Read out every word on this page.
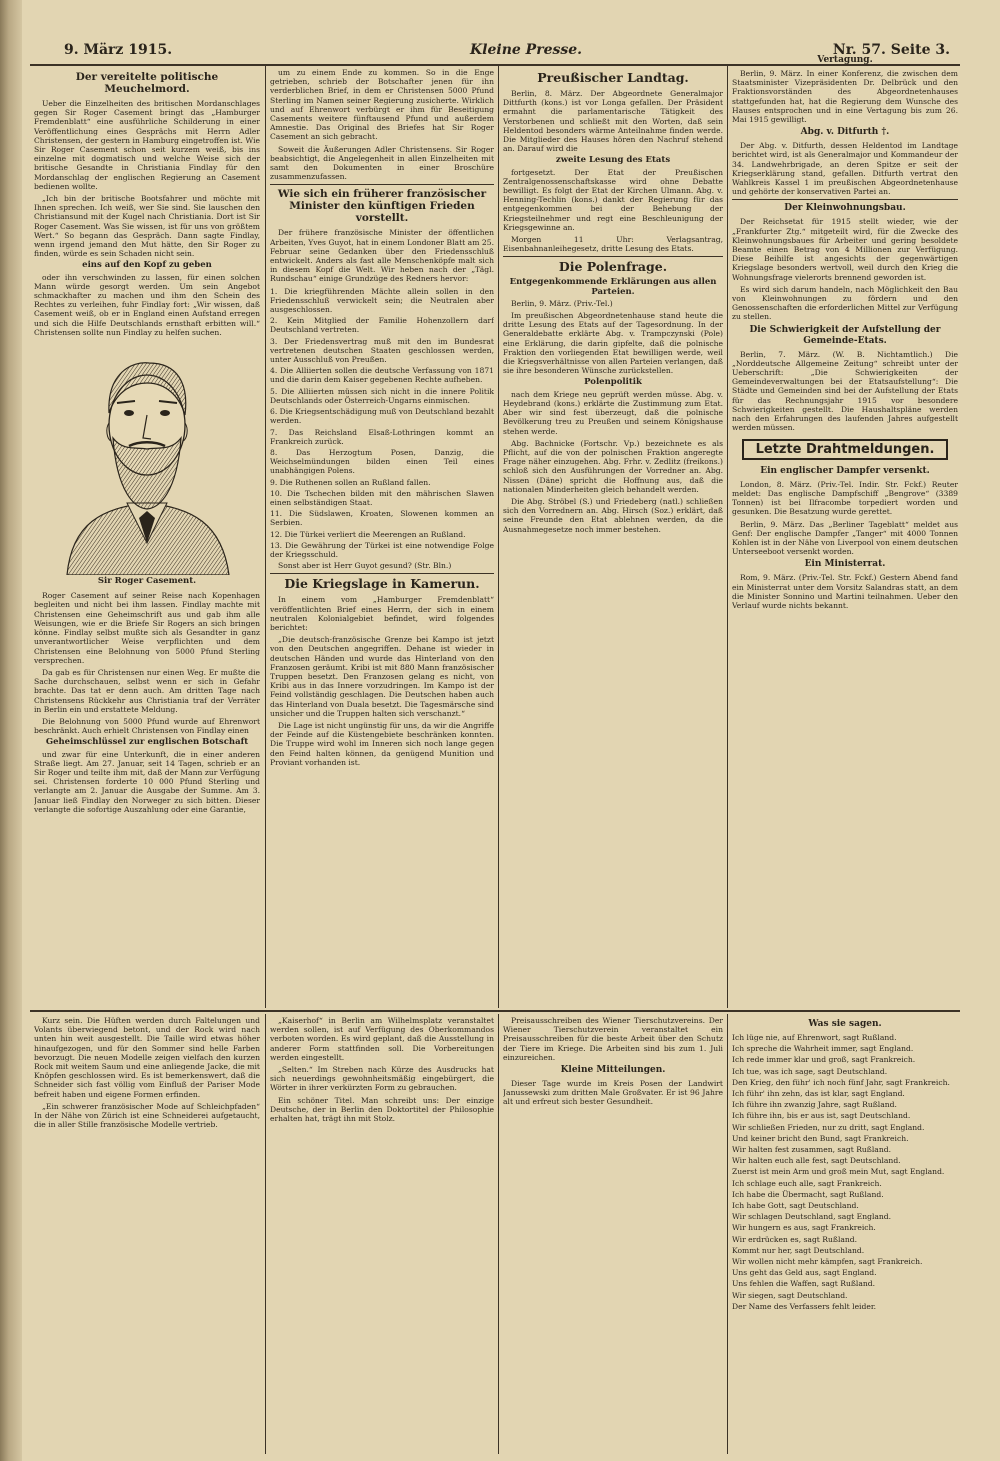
9. März 1915.	Kleine Presse.	Nr. 57. Seite 3.
Der vereitelte politische Meuchelmord.

Ueber die Einzelheiten des britischen Mordanschlages gegen Sir Roger Casement bringt das „Hamburger Fremdenblatt“ eine ausführliche Schilderung in einer Veröffentlichung eines Gesprächs mit Herrn Adler Christensen, der gestern in Hamburg eingetroffen ist. Wie Sir Roger Casement schon seit kurzem weiß, bis ins einzelne mit dogmatisch und welche Weise sich der britische Gesandte in Christiania Findlay für den Mordanschlag der englischen Regierung an Casement bedienen wollte.

„Ich bin der britische Bootsfahrer und möchte mit Ihnen sprechen. Ich weiß, wer Sie sind. Sie lauschen den Christiansund mit der Kugel nach Christiania. Dort ist Sir Roger Casement. Was Sie wissen, ist für uns von größtem Wert.“ So begann das Gespräch. Dann sagte Findlay, wenn irgend jemand den Mut hätte, den Sir Roger zu finden, würde es sein Schaden nicht sein.

eins auf den Kopf zu geben

oder ihn verschwinden zu lassen, für einen solchen Mann würde gesorgt werden. Um sein Angebot schmackhafter zu machen und ihm den Schein des Rechtes zu verleihen, fuhr Findlay fort: „Wir wissen, daß Casement weiß, ob er in England einen Aufstand erregen und sich die Hilfe Deutschlands ernsthaft erbitten will.“ Christensen sollte nun Findlay zu helfen suchen.

Sir Roger Casement.

Roger Casement auf seiner Reise nach Kopenhagen begleiten und nicht bei ihm lassen. Findlay machte mit Christensen eine Geheimschrift aus und gab ihm alle Weisungen, wie er die Briefe Sir Rogers an sich bringen könne. Findlay selbst mußte sich als Gesandter in ganz unverantwortlicher Weise verpflichten und dem Christensen eine Belohnung von 5000 Pfund Sterling versprechen.

Da gab es für Christensen nur einen Weg. Er mußte die Sache durchschauen, selbst wenn er sich in Gefahr brachte. Das tat er denn auch. Am dritten Tage nach Christensens Rückkehr aus Christiania traf der Verräter in Berlin ein und erstattete Meldung.

Die Belohnung von 5000 Pfund wurde auf Ehrenwort beschränkt. Auch erhielt Christensen von Findlay einen

Geheimschlüssel zur englischen Botschaft

und zwar für eine Unterkunft, die in einer anderen Straße liegt. Am 27. Januar, seit 14 Tagen, schrieb er an Sir Roger und teilte ihm mit, daß der Mann zur Verfügung sei. Christensen forderte 10 000 Pfund Sterling und verlangte am 2. Januar die Ausgabe der Summe. Am 3. Januar ließ Findlay den Norweger zu sich bitten. Dieser verlangte die sofortige Auszahlung oder eine Garantie,

um zu einem Ende zu kommen. So in die Enge getrieben, schrieb der Botschafter jenen für ihn verderblichen Brief, in dem er Christensen 5000 Pfund Sterling im Namen seiner Regierung zusicherte. Wirklich und auf Ehrenwort verbürgt er ihm für Beseitigung Casements weitere fünftausend Pfund und außerdem Amnestie. Das Original des Briefes hat Sir Roger Casement an sich gebracht.

Soweit die Äußerungen Adler Christensens. Sir Roger beabsichtigt, die Angelegenheit in allen Einzelheiten mit samt den Dokumenten in einer Broschüre zusammenzufassen.

Wie sich ein früherer französischer Minister den künftigen Frieden vorstellt.

Der frühere französische Minister der öffentlichen Arbeiten, Yves Guyot, hat in einem Londoner Blatt am 25. Februar seine Gedanken über den Friedensschluß entwickelt. Anders als fast alle Menschenköpfe malt sich in diesem Kopf die Welt. Wir heben nach der „Tägl. Rundschau“ einige Grundzüge des Redners hervor:

1. Die kriegführenden Mächte allein sollen in den Friedensschluß verwickelt sein; die Neutralen aber ausgeschlossen.

2. Kein Mitglied der Familie Hohenzollern darf Deutschland vertreten.

3. Der Friedensvertrag muß mit den im Bundesrat vertretenen deutschen Staaten geschlossen werden, unter Ausschluß von Preußen.

4. Die Alliierten sollen die deutsche Verfassung von 1871 und die darin dem Kaiser gegebenen Rechte aufheben.

5. Die Alliierten müssen sich nicht in die innere Politik Deutschlands oder Österreich-Ungarns einmischen.

6. Die Kriegsentschädigung muß von Deutschland bezahlt werden.

7. Das Reichsland Elsaß-Lothringen kommt an Frankreich zurück.

8. Das Herzogtum Posen, Danzig, die Weichselmündungen bilden einen Teil eines unabhängigen Polens.

9. Die Ruthenen sollen an Rußland fallen.

10. Die Tschechen bilden mit den mährischen Slawen einen selbständigen Staat.

11. Die Südslawen, Kroaten, Slowenen kommen an Serbien.

12. Die Türkei verliert die Meerengen an Rußland.

13. Die Gewährung der Türkei ist eine notwendige Folge der Kriegsschuld.

Sonst aber ist Herr Guyot gesund? (Str. Bln.)

Die Kriegslage in Kamerun.

In einem vom „Hamburger Fremdenblatt“ veröffentlichten Brief eines Herrn, der sich in einem neutralen Kolonialgebiet befindet, wird folgendes berichtet:

„Die deutsch-französische Grenze bei Kampo ist jetzt von den Deutschen angegriffen. Dehane ist wieder in deutschen Händen und wurde das Hinterland von den Franzosen geräumt. Kribi ist mit 880 Mann französischer Truppen besetzt. Den Franzosen gelang es nicht, von Kribi aus in das Innere vorzudringen. Im Kampo ist der Feind vollständig geschlagen. Die Deutschen haben auch das Hinterland von Duala besetzt. Die Tagesmärsche sind unsicher und die Truppen halten sich verschanzt.“

Die Lage ist nicht ungünstig für uns, da wir die Angriffe der Feinde auf die Küstengebiete beschränken konnten. Die Truppe wird wohl im Inneren sich noch lange gegen den Feind halten können, da genügend Munition und Proviant vorhanden ist.

Preußischer Landtag.

Berlin, 8. März. Der Abgeordnete Generalmajor Dittfurth (kons.) ist vor Longa gefallen. Der Präsident ermahnt die parlamentarische Tätigkeit des Verstorbenen und schließt mit den Worten, daß sein Heldentod besonders wärme Anteilnahme finden werde. Die Mitglieder des Hauses hören den Nachruf stehend an. Darauf wird die

zweite Lesung des Etats

fortgesetzt. Der Etat der Preußischen Zentralgenossenschaftskasse wird ohne Debatte bewilligt. Es folgt der Etat der Kirchen Ulmann. Abg. v. Henning-Techlin (kons.) dankt der Regierung für das entgegenkommen bei der Behebung der Kriegsteilnehmer und regt eine Beschleunigung der Kriegsgewinne an.

Morgen 11 Uhr: Verlagsantrag, Eisenbahnanleihegesetz, dritte Lesung des Etats.

Die Polenfrage.
Entgegenkommende Erklärungen aus allen Parteien.

Berlin, 9. März. (Priv.-Tel.)

Im preußischen Abgeordnetenhause stand heute die dritte Lesung des Etats auf der Tagesordnung. In der Generaldebatte erklärte Abg. v. Trampczynski (Pole) eine Erklärung, die darin gipfelte, daß die polnische Fraktion den vorliegenden Etat bewilligen werde, weil die Kriegsverhältnisse von allen Parteien verlangen, daß sie ihre besonderen Wünsche zurückstellen.

Polenpolitik

nach dem Kriege neu geprüft werden müsse. Abg. v. Heydebrand (kons.) erklärte die Zustimmung zum Etat. Aber wir sind fest überzeugt, daß die polnische Bevölkerung treu zu Preußen und seinem Königshause stehen werde.

Abg. Bachnicke (Fortschr. Vp.) bezeichnete es als Pflicht, auf die von der polnischen Fraktion angeregte Frage näher einzugehen. Abg. Frhr. v. Zedlitz (freikons.) schloß sich den Ausführungen der Vorredner an. Abg. Nissen (Däne) spricht die Hoffnung aus, daß die nationalen Minderheiten gleich behandelt werden.

Die Abg. Ströbel (S.) und Friedeberg (natl.) schließen sich den Vorrednern an. Abg. Hirsch (Soz.) erklärt, daß seine Freunde den Etat ablehnen werden, da die Ausnahmegesetze noch immer bestehen.

Vertagung.

Berlin, 9. März. In einer Konferenz, die zwischen dem Staatsminister Vizepräsidenten Dr. Delbrück und den Fraktionsvorständen des Abgeordnetenhauses stattgefunden hat, hat die Regierung dem Wunsche des Hauses entsprochen und in eine Vertagung bis zum 26. Mai 1915 gewilligt.

Abg. v. Ditfurth †.

Der Abg. v. Ditfurth, dessen Heldentod im Landtage berichtet wird, ist als Generalmajor und Kommandeur der 34. Landwehrbrigade, an deren Spitze er seit der Kriegserklärung stand, gefallen. Ditfurth vertrat den Wahlkreis Kassel 1 im preußischen Abgeordnetenhause und gehörte der konservativen Partei an.

Der Kleinwohnungsbau.

Der Reichsetat für 1915 stellt wieder, wie der „Frankfurter Ztg.“ mitgeteilt wird, für die Zwecke des Kleinwohnungsbaues für Arbeiter und gering besoldete Beamte einen Betrag von 4 Millionen zur Verfügung. Diese Beihilfe ist angesichts der gegenwärtigen Kriegslage besonders wertvoll, weil durch den Krieg die Wohnungsfrage vielerorts brennend geworden ist.

Es wird sich darum handeln, nach Möglichkeit den Bau von Kleinwohnungen zu fördern und den Genossenschaften die erforderlichen Mittel zur Verfügung zu stellen.

Die Schwierigkeit der Aufstellung der Gemeinde-Etats.

Berlin, 7. März. (W. B. Nichtamtlich.) Die „Norddeutsche Allgemeine Zeitung“ schreibt unter der Ueberschrift: „Die Schwierigkeiten der Gemeindeverwaltungen bei der Etatsaufstellung“: Die Städte und Gemeinden sind bei der Aufstellung der Etats für das Rechnungsjahr 1915 vor besondere Schwierigkeiten gestellt. Die Haushaltspläne werden nach den Erfahrungen des laufenden Jahres aufgestellt werden müssen.

Letzte Drahtmeldungen.
Ein englischer Dampfer versenkt.

London, 8. März. (Priv.-Tel. Indir. Str. Fckf.) Reuter meldet: Das englische Dampfschiff „Bengrove“ (3389 Tonnen) ist bei Ilfracombe torpediert worden und gesunken. Die Besatzung wurde gerettet.

Berlin, 9. März. Das „Berliner Tageblatt“ meldet aus Genf: Der englische Dampfer „Tanger“ mit 4000 Tonnen Kohlen ist in der Nähe von Liverpool von einem deutschen Unterseeboot versenkt worden.

Ein Ministerrat.

Rom, 9. März. (Priv.-Tel. Str. Fckf.) Gestern Abend fand ein Ministerrat unter dem Vorsitz Salandras statt, an dem die Minister Sonnino und Martini teilnahmen. Ueber den Verlauf wurde nichts bekannt.

Kurz sein. Die Hüften werden durch Faltelungen und Volants überwiegend betont, und der Rock wird nach unten hin weit ausgestellt. Die Taille wird etwas höher hinaufgezogen, und für den Sommer sind helle Farben bevorzugt. Die neuen Modelle zeigen vielfach den kurzen Rock mit weitem Saum und eine anliegende Jacke, die mit Knöpfen geschlossen wird. Es ist bemerkenswert, daß die Schneider sich fast völlig vom Einfluß der Pariser Mode befreit haben und eigene Formen erfinden.

„Ein schwerer französischer Mode auf Schleichpfaden“ In der Nähe von Zürich ist eine Schneiderei aufgetaucht, die in aller Stille französische Modelle vertrieb.

„Kaiserhof“ in Berlin am Wilhelmsplatz veranstaltet werden sollen, ist auf Verfügung des Oberkommandos verboten worden. Es wird geplant, daß die Ausstellung in anderer Form stattfinden soll. Die Vorbereitungen werden eingestellt.

„Selten.“ Im Streben nach Kürze des Ausdrucks hat sich neuerdings gewohnheitsmäßig eingebürgert, die Wörter in ihrer verkürzten Form zu gebrauchen.

Ein schöner Titel. Man schreibt uns: Der einzige Deutsche, der in Berlin den Doktortitel der Philosophie erhalten hat, trägt ihn mit Stolz.

Preisausschreiben des Wiener Tierschutzvereins. Der Wiener Tierschutzverein veranstaltet ein Preisausschreiben für die beste Arbeit über den Schutz der Tiere im Kriege. Die Arbeiten sind bis zum 1. Juli einzureichen.

Kleine Mitteilungen.

Dieser Tage wurde im Kreis Posen der Landwirt Janussewski zum dritten Male Großvater. Er ist 96 Jahre alt und erfreut sich bester Gesundheit.

Was sie sagen.

Ich lüge nie, auf Ehrenwort, sagt Rußland.

Ich spreche die Wahrheit immer, sagt England.

Ich rede immer klar und groß, sagt Frankreich.

Ich tue, was ich sage, sagt Deutschland.

Den Krieg, den führ' ich noch fünf Jahr, sagt Frankreich.

Ich führ' ihn zehn, das ist klar, sagt England.

Ich führe ihn zwanzig Jahre, sagt Rußland.

Ich führe ihn, bis er aus ist, sagt Deutschland.

Wir schließen Frieden, nur zu dritt, sagt England.

Und keiner bricht den Bund, sagt Frankreich.

Wir halten fest zusammen, sagt Rußland.

Wir halten euch alle fest, sagt Deutschland.

Zuerst ist mein Arm und groß mein Mut, sagt England.

Ich schlage euch alle, sagt Frankreich.

Ich habe die Übermacht, sagt Rußland.

Ich habe Gott, sagt Deutschland.

Wir schlagen Deutschland, sagt England.

Wir hungern es aus, sagt Frankreich.

Wir erdrücken es, sagt Rußland.

Kommt nur her, sagt Deutschland.

Wir wollen nicht mehr kämpfen, sagt Frankreich.

Uns geht das Geld aus, sagt England.

Uns fehlen die Waffen, sagt Rußland.

Wir siegen, sagt Deutschland.

Der Name des Verfassers fehlt leider.
